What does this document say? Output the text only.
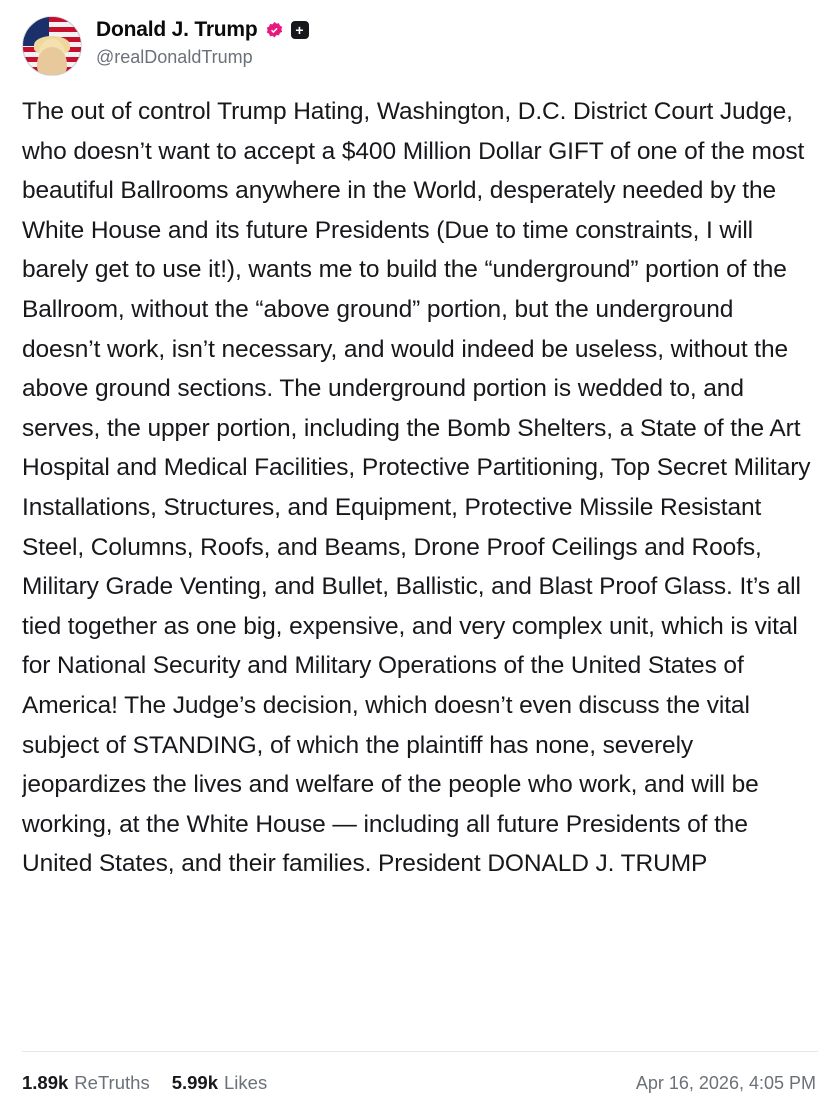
Donald J. Trump	+
@realDonaldTrump
The out of control Trump Hating, Washington, D.C. District Court Judge, who doesn’t want to accept a $400 Million Dollar GIFT of one of the most beautiful Ballrooms anywhere in the World, desperately needed by the White House and its future Presidents (Due to time constraints, I will barely get to use it!), wants me to build the “underground” portion of the Ballroom, without the “above ground” portion, but the underground doesn’t work, isn’t necessary, and would indeed be useless, without the above ground sections. The underground portion is wedded to, and serves, the upper portion, including the Bomb Shelters, a State of the Art Hospital and Medical Facilities, Protective Partitioning, Top Secret Military Installations, Structures, and Equipment, Protective Missile Resistant Steel, Columns, Roofs, and Beams, Drone Proof Ceilings and Roofs, Military Grade Venting, and Bullet, Ballistic, and Blast Proof Glass. It’s all tied together as one big, expensive, and very complex unit, which is vital for National Security and Military Operations of the United States of America! The Judge’s decision, which doesn’t even discuss the vital subject of STANDING, of which the plaintiff has none, severely jeopardizes the lives and welfare of the people who work, and will be working, at the White House — including all future Presidents of the United States, and their families. President DONALD J. TRUMP
1.89k ReTruths 5.99k Likes	Apr 16, 2026, 4:05 PM
